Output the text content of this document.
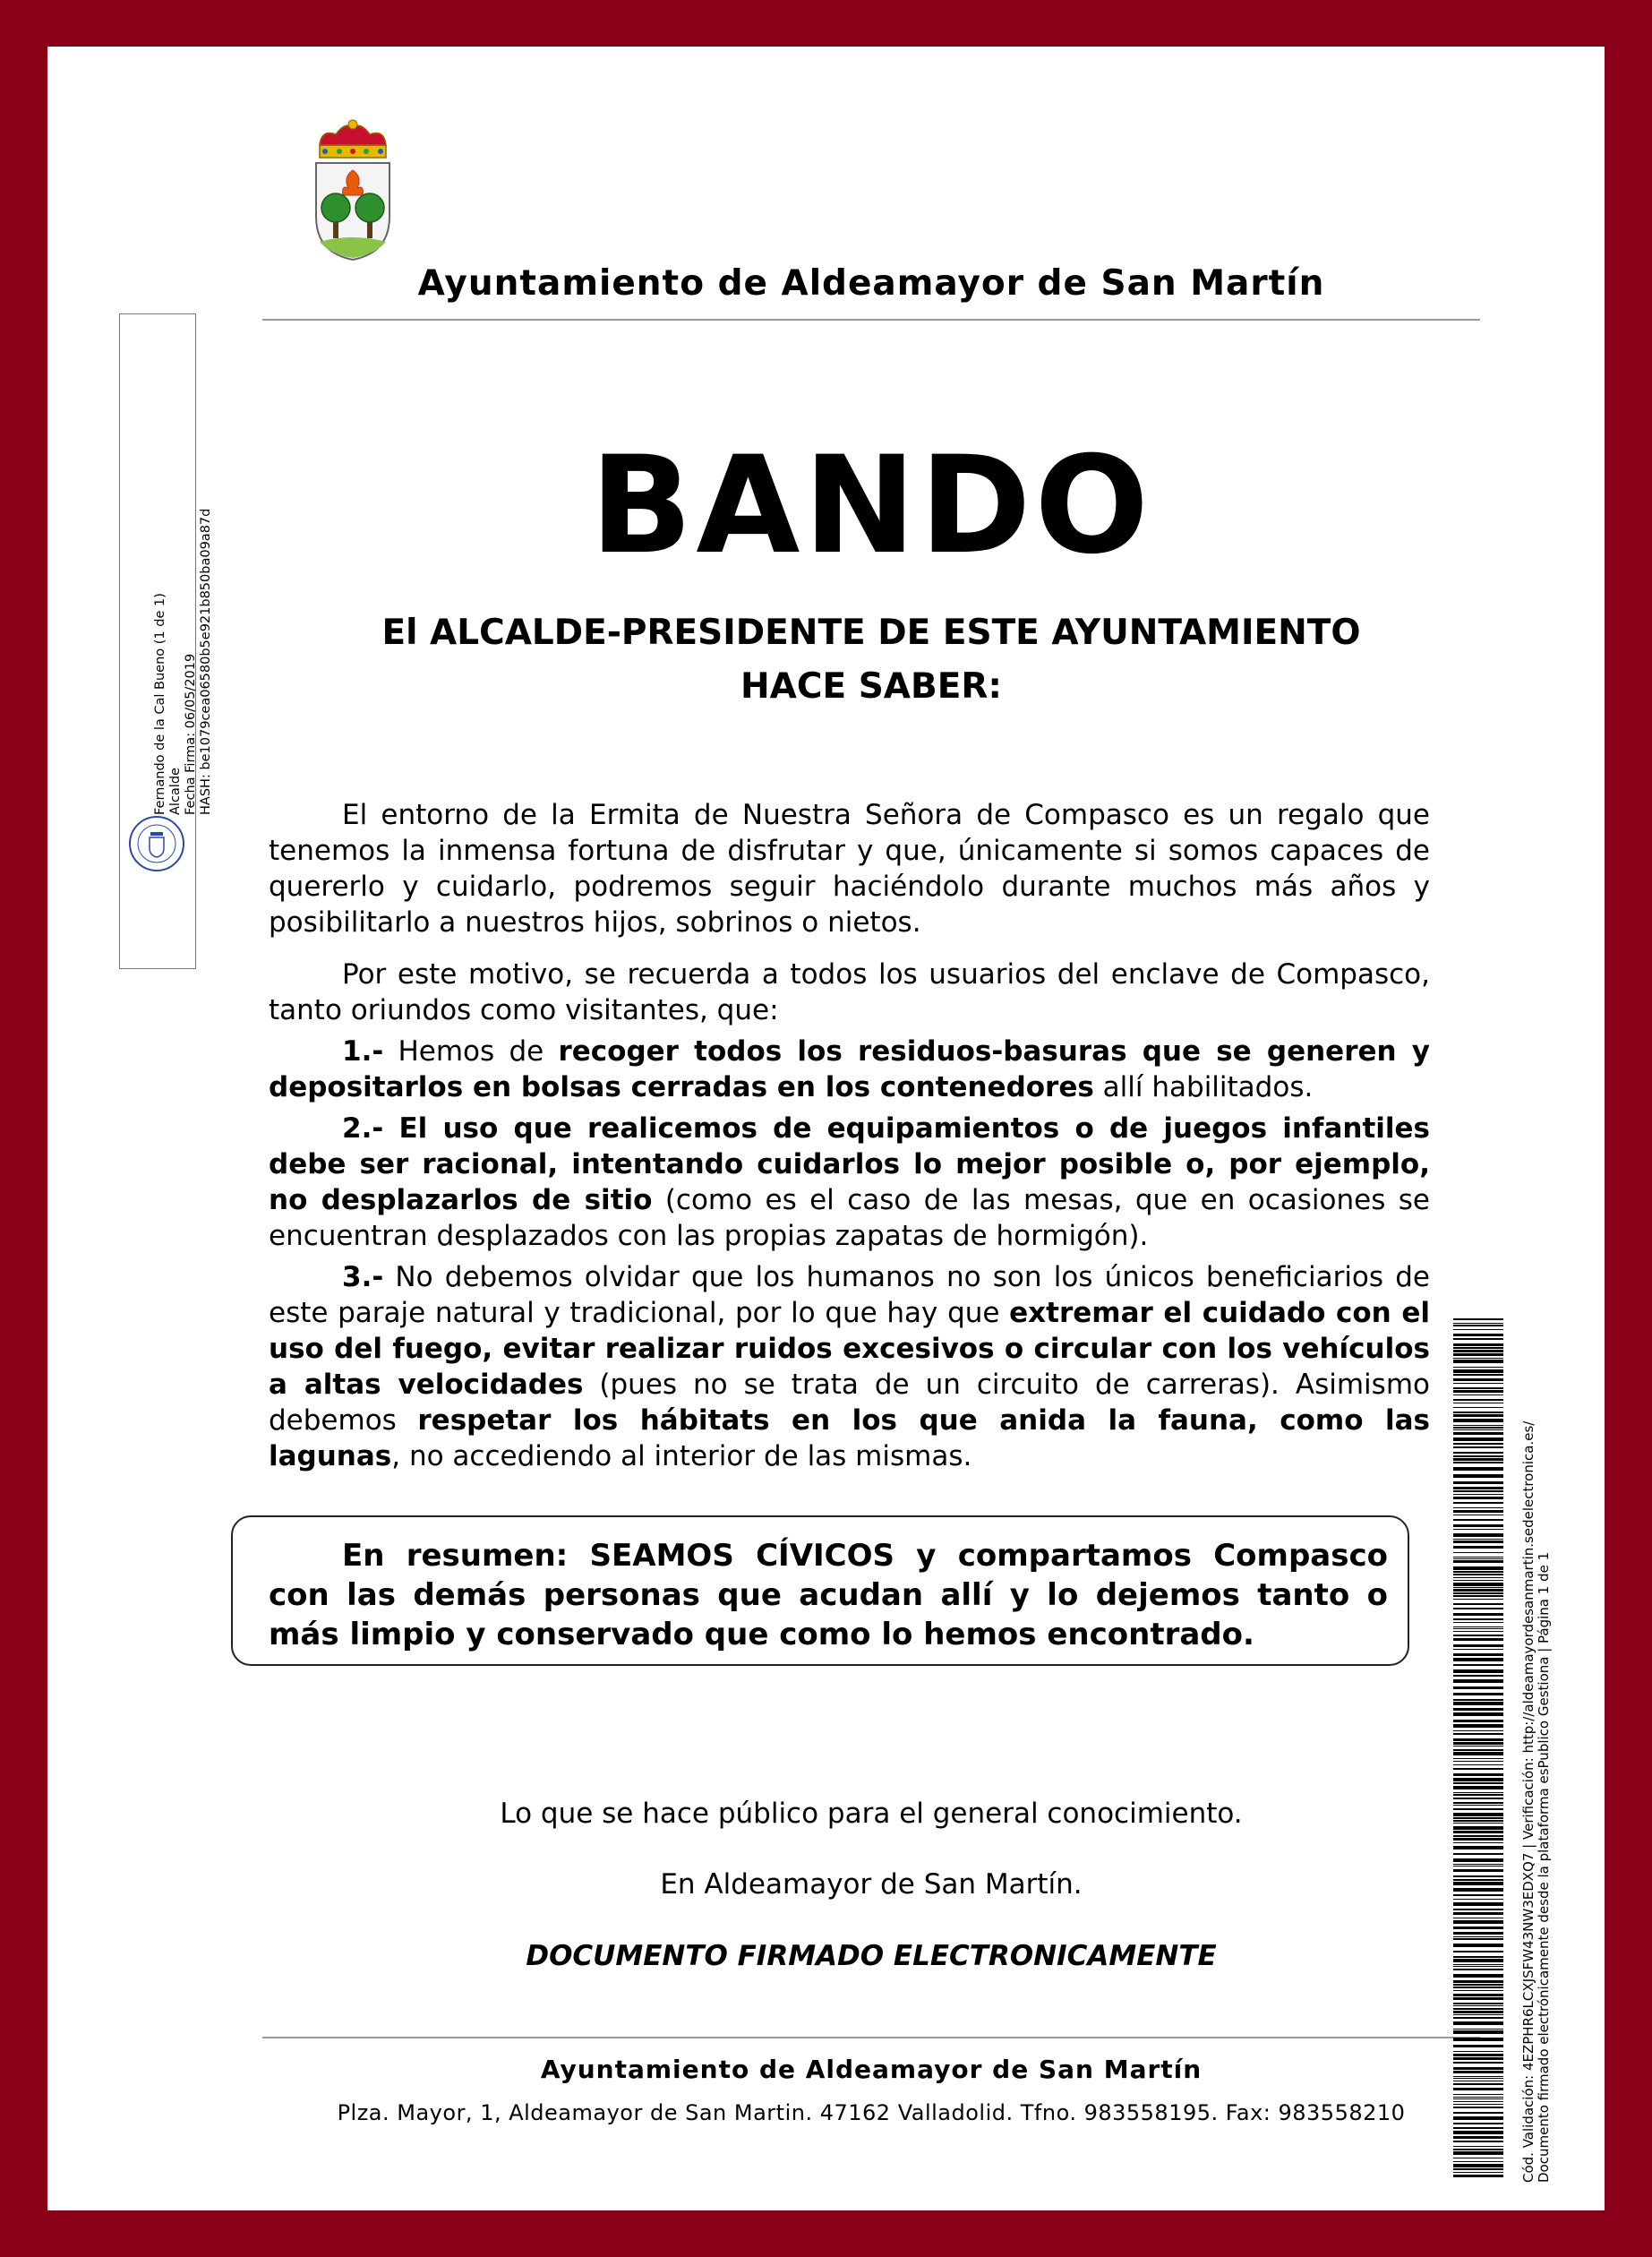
Ayuntamiento de Aldeamayor de San Martín
BANDO
El ALCALDE-PRESIDENTE DE ESTE AYUNTAMIENTO
HACE SABER:

El entorno de la Ermita de Nuestra Señora de Compasco es un regalo que tenemos la inmensa fortuna de disfrutar y que, únicamente si somos capaces de quererlo y cuidarlo, podremos seguir haciéndolo durante muchos más años y posibilitarlo a nuestros hijos, sobrinos o nietos.

Por este motivo, se recuerda a todos los usuarios del enclave de Compasco, tanto oriundos como visitantes, que:

1.- Hemos de recoger todos los residuos-basuras que se generen y depositarlos en bolsas cerradas en los contenedores allí habilitados.

2.- El uso que realicemos de equipamientos o de juegos infantiles debe ser racional, intentando cuidarlos lo mejor posible o, por ejemplo, no desplazarlos de sitio (como es el caso de las mesas, que en ocasiones se encuentran desplazados con las propias zapatas de hormigón).

3.- No debemos olvidar que los humanos no son los únicos beneficiarios de este paraje natural y tradicional, por lo que hay que extremar el cuidado con el uso del fuego, evitar realizar ruidos excesivos o circular con los vehículos a altas velocidades (pues no se trata de un circuito de carreras). Asimismo debemos respetar los hábitats en los que anida la fauna, como las lagunas, no accediendo al interior de las mismas.

En resumen: SEAMOS CÍVICOS y compartamos Compasco con las demás personas que acudan allí y lo dejemos tanto o más limpio y conservado que como lo hemos encontrado.
Lo que se hace público para el general conocimiento.
En Aldeamayor de San Martín.
DOCUMENTO FIRMADO ELECTRONICAMENTE
Ayuntamiento de Aldeamayor de San Martín
Plza. Mayor, 1, Aldeamayor de San Martin. 47162 Valladolid. Tfno. 983558195. Fax: 983558210
Fernando de la Cal Bueno (1 de 1) Alcalde Fecha Firma: 06/05/2019 HASH: be1079cea06580b5e921b850ba09a87d
Cód. Validación: 4EZPHR6LCXJSFW43NW3EDXQ7 | Verificación: http://aldeamayordesanmartin.sedelectronica.es/ Documento firmado electrónicamente desde la plataforma esPublico Gestiona | Página 1 de 1
